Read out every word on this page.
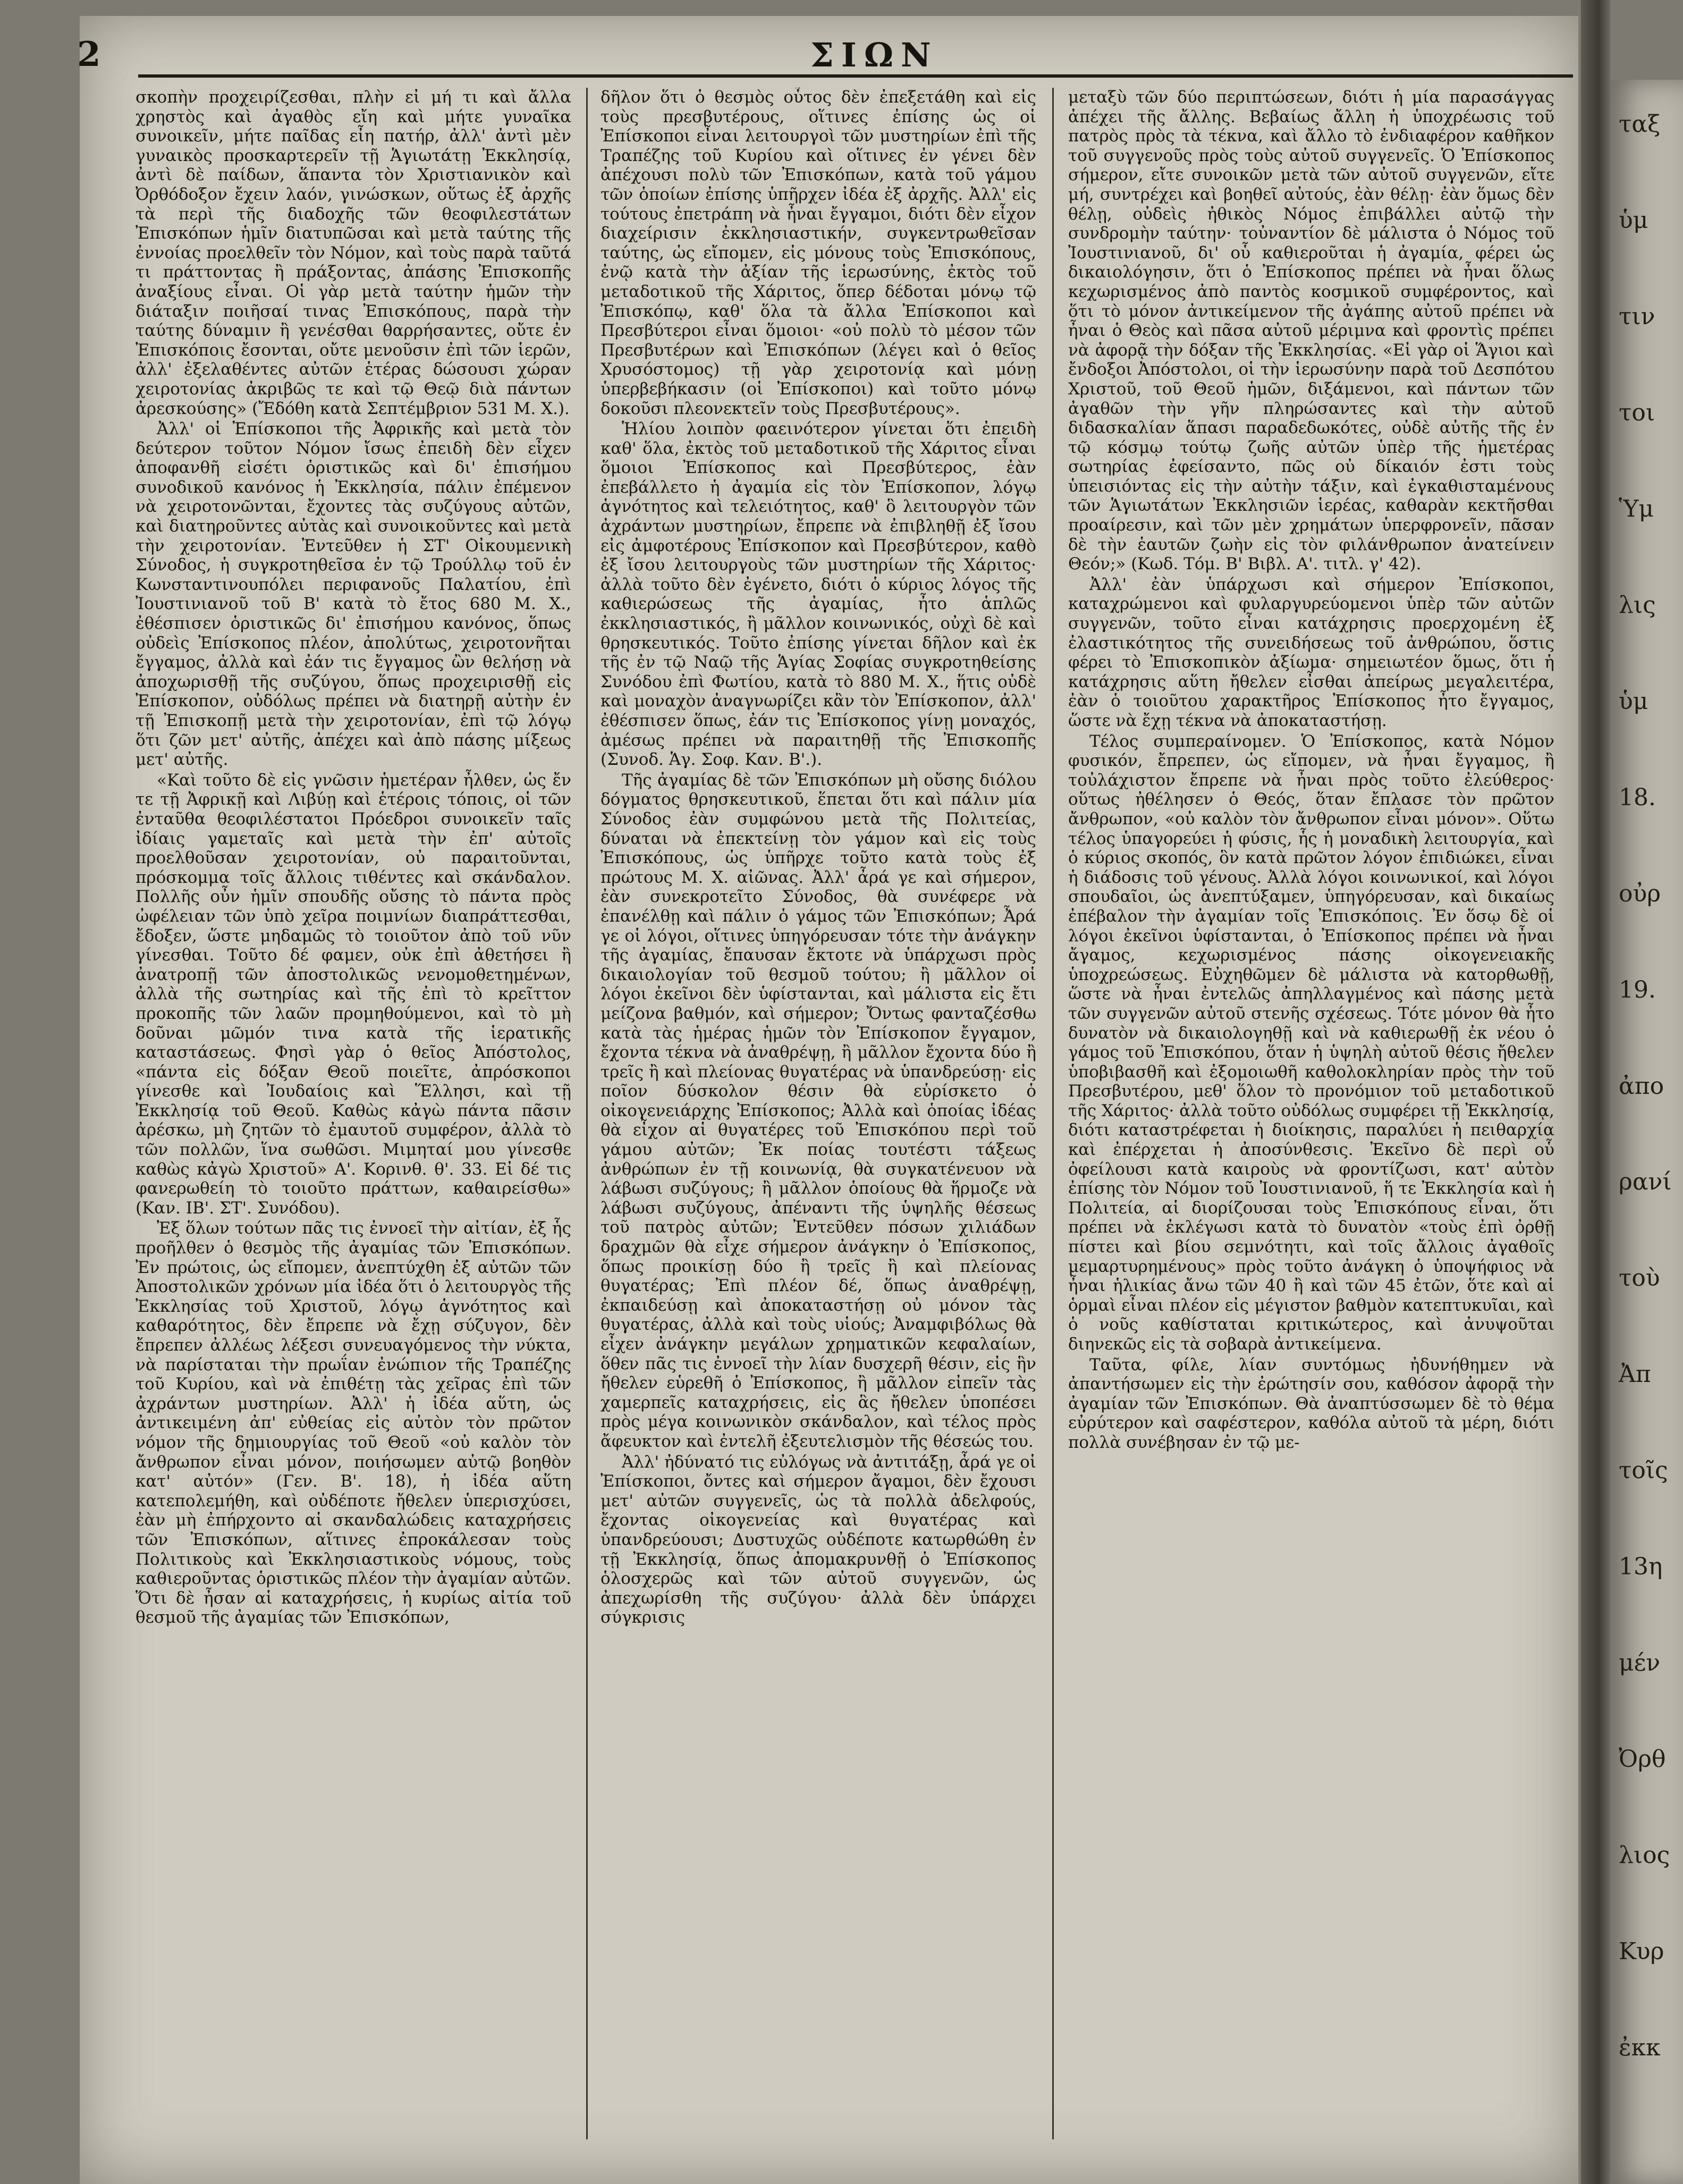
ταξ
ὑμ
τιν
τοι
Ὑμ
λις
ὑμ
18.
οὐρ
19.
ἀπο
ρανί
τοὺ
Ἀπ
τοῖς
13η
μέν
Ὀρθ
λιος
Κυρ
ἐκκ
2	ΣΙΩΝ

σκοπὴν προχειρίζεσθαι, πλὴν εἰ μή τι καὶ ἄλλα χρηστὸς καὶ ἀγαθὸς εἴη καὶ μήτε γυναῖκα συνοικεῖν, μήτε παῖδας εἶη πατήρ, ἀλλ' ἀντὶ μὲν γυναικὸς προσκαρτερεῖν τῇ Ἁγιωτάτῃ Ἐκκλησίᾳ, ἀντὶ δὲ παίδων, ἅπαντα τὸν Χριστιανικὸν καὶ Ὀρθόδοξον ἔχειν λαόν, γινώσκων, οὕτως ἐξ ἀρχῆς τὰ περὶ τῆς διαδοχῆς τῶν θεοφιλεστάτων Ἐπισκόπων ἡμῖν διατυπῶσαι καὶ μετὰ ταύτης τῆς ἐννοίας προελθεῖν τὸν Νόμον, καὶ τοὺς παρὰ ταῦτά τι πράττοντας ἢ πράξοντας, ἀπάσης Ἐπισκοπῆς ἀναξίους εἶναι. Οἱ γὰρ μετὰ ταύτην ἡμῶν τὴν διάταξιν ποιῆσαί τινας Ἐπισκόπους, παρὰ τὴν ταύτης δύναμιν ἢ γενέσθαι θαρρήσαντες, οὔτε ἐν Ἐπισκόποις ἔσονται, οὔτε μενοῦσιν ἐπὶ τῶν ἱερῶν, ἀλλ' ἐξελαθέντες αὐτῶν ἑτέρας δώσουσι χώραν χειροτονίας ἀκριβῶς τε καὶ τῷ Θεῷ διὰ πάντων ἀρεσκούσης» (Ἔδόθη κατὰ Σεπτέμβριον 531 Μ. Χ.).

Ἀλλ' οἱ Ἐπίσκοποι τῆς Ἀφρικῆς καὶ μετὰ τὸν δεύτερον τοῦτον Νόμον ἴσως ἐπειδὴ δὲν εἶχεν ἀποφανθῆ εἰσέτι ὁριστικῶς καὶ δι' ἐπισήμου συνοδικοῦ κανόνος ἡ Ἐκκλησία, πάλιν ἐπέμενον νὰ χειροτονῶνται, ἔχοντες τὰς συζύγους αὐτῶν, καὶ διατηροῦντες αὐτὰς καὶ συνοικοῦντες καὶ μετὰ τὴν χειροτονίαν. Ἐντεῦθεν ἡ ΣΤ' Οἰκουμενικὴ Σύνοδος, ἡ συγκροτηθεῖσα ἐν τῷ Τρούλλῳ τοῦ ἐν Κωνσταντινουπόλει περιφανοῦς Παλατίου, ἐπὶ Ἰουστινιανοῦ τοῦ Β' κατὰ τὸ ἔτος 680 Μ. Χ., ἐθέσπισεν ὁριστικῶς δι' ἐπισήμου κανόνος, ὅπως οὐδεὶς Ἐπίσκοπος πλέον, ἀπολύτως, χειροτονῆται ἔγγαμος, ἀλλὰ καὶ ἐάν τις ἔγγαμος ὢν θελήσῃ νὰ ἀποχωρισθῇ τῆς συζύγου, ὅπως προχειρισθῇ εἰς Ἐπίσκοπον, οὐδόλως πρέπει νὰ διατηρῇ αὐτὴν ἐν τῇ Ἐπισκοπῇ μετὰ τὴν χειροτονίαν, ἐπὶ τῷ λόγῳ ὅτι ζῶν μετ' αὐτῆς, ἀπέχει καὶ ἀπὸ πάσης μίξεως μετ' αὐτῆς.

«Καὶ τοῦτο δὲ εἰς γνῶσιν ἡμετέραν ἦλθεν, ὡς ἔν τε τῇ Ἀφρικῇ καὶ Λιβύῃ καὶ ἑτέροις τόποις, οἱ τῶν ἐνταῦθα θεοφιλέστατοι Πρόεδροι συνοικεῖν ταῖς ἰδίαις γαμεταῖς καὶ μετὰ τὴν ἐπ' αὐτοῖς προελθοῦσαν χειροτονίαν, οὐ παραιτοῦνται, πρόσκομμα τοῖς ἄλλοις τιθέντες καὶ σκάνδαλον. Πολλῆς οὖν ἡμῖν σπουδῆς οὔσης τὸ πάντα πρὸς ὠφέλειαν τῶν ὑπὸ χεῖρα ποιμνίων διαπράττεσθαι, ἔδοξεν, ὥστε μηδαμῶς τὸ τοιοῦτον ἀπὸ τοῦ νῦν γίνεσθαι. Τοῦτο δέ φαμεν, οὐκ ἐπὶ ἀθετήσει ἢ ἀνατροπῇ τῶν ἀποστολικῶς νενομοθετημένων, ἀλλὰ τῆς σωτηρίας καὶ τῆς ἐπὶ τὸ κρεῖττον προκοπῆς τῶν λαῶν προμηθούμενοι, καὶ τὸ μὴ δοῦναι μῶμόν τινα κατὰ τῆς ἱερατικῆς καταστάσεως. Φησὶ γὰρ ὁ θεῖος Ἀπόστολος, «πάντα εἰς δόξαν Θεοῦ ποιεῖτε, ἀπρόσκοποι γίνεσθε καὶ Ἰουδαίοις καὶ Ἕλλησι, καὶ τῇ Ἐκκλησίᾳ τοῦ Θεοῦ. Καθὼς κἀγὼ πάντα πᾶσιν ἀρέσκω, μὴ ζητῶν τὸ ἐμαυτοῦ συμφέρον, ἀλλὰ τὸ τῶν πολλῶν, ἵνα σωθῶσι. Μιμηταί μου γίνεσθε καθὼς κἀγὼ Χριστοῦ» Α'. Κορινθ. θ'. 33. Εἰ δέ τις φανερωθείη τὸ τοιοῦτο πράττων, καθαιρείσθω» (Καν. ΙΒ'. ΣΤ'. Συνόδου).

Ἐξ ὅλων τούτων πᾶς τις ἐννοεῖ τὴν αἰτίαν, ἐξ ἧς προῆλθεν ὁ θεσμὸς τῆς ἀγαμίας τῶν Ἐπισκόπων. Ἐν πρώτοις, ὡς εἴπομεν, ἀνεπτύχθη ἐξ αὐτῶν τῶν Ἀποστολικῶν χρόνων μία ἰδέα ὅτι ὁ λειτουργὸς τῆς Ἐκκλησίας τοῦ Χριστοῦ, λόγῳ ἁγνότητος καὶ καθαρότητος, δὲν ἔπρεπε νὰ ἔχῃ σύζυγον, δὲν ἔπρεπεν ἀλλέως λέξεσι συνευαγόμενος τὴν νύκτα, νὰ παρίσταται τὴν πρωΐαν ἐνώπιον τῆς Τραπέζης τοῦ Κυρίου, καὶ νὰ ἐπιθέτῃ τὰς χεῖρας ἐπὶ τῶν ἀχράντων μυστηρίων. Ἀλλ' ἡ ἰδέα αὕτη, ὡς ἀντικειμένη ἀπ' εὐθείας εἰς αὐτὸν τὸν πρῶτον νόμον τῆς δημιουργίας τοῦ Θεοῦ «οὐ καλὸν τὸν ἄνθρωπον εἶναι μόνον, ποιήσωμεν αὐτῷ βοηθὸν κατ' αὐτόν» (Γεν. Β'. 18), ἡ ἰδέα αὕτη κατεπολεμήθη, καὶ οὐδέποτε ἤθελεν ὑπερισχύσει, ἐὰν μὴ ἐπήρχοντο αἱ σκανδαλώδεις καταχρήσεις τῶν Ἐπισκόπων, αἵτινες ἐπροκάλεσαν τοὺς Πολιτικοὺς καὶ Ἐκκλησιαστικοὺς νόμους, τοὺς καθιεροῦντας ὁριστικῶς πλέον τὴν ἀγαμίαν αὐτῶν. Ὅτι δὲ ἦσαν αἱ καταχρήσεις, ἡ κυρίως αἰτία τοῦ θεσμοῦ τῆς ἀγαμίας τῶν Ἐπισκόπων,

δῆλον ὅτι ὁ θεσμὸς οὗτος δὲν ἐπεξετάθη καὶ εἰς τοὺς πρεσβυτέρους, οἵτινες ἐπίσης ὡς οἱ Ἐπίσκοποι εἶναι λειτουργοὶ τῶν μυστηρίων ἐπὶ τῆς Τραπέζης τοῦ Κυρίου καὶ οἵτινες ἐν γένει δὲν ἀπέχουσι πολὺ τῶν Ἐπισκόπων, κατὰ τοῦ γάμου τῶν ὁποίων ἐπίσης ὑπῆρχεν ἰδέα ἐξ ἀρχῆς. Ἀλλ' εἰς τούτους ἐπετράπη νὰ ἦναι ἔγγαμοι, διότι δὲν εἶχον διαχείρισιν ἐκκλησιαστικήν, συγκεντρωθεῖσαν ταύτης, ὡς εἴπομεν, εἰς μόνους τοὺς Ἐπισκόπους, ἐνῷ κατὰ τὴν ἀξίαν τῆς ἱερωσύνης, ἐκτὸς τοῦ μεταδοτικοῦ τῆς Χάριτος, ὅπερ δέδοται μόνῳ τῷ Ἐπισκόπῳ, καθ' ὅλα τὰ ἄλλα Ἐπίσκοποι καὶ Πρεσβύτεροι εἶναι ὅμοιοι· «οὐ πολὺ τὸ μέσον τῶν Πρεσβυτέρων καὶ Ἐπισκόπων (λέγει καὶ ὁ θεῖος Χρυσόστομος) τῇ γὰρ χειροτονίᾳ καὶ μόνῃ ὑπερβεβήκασιν (οἱ Ἐπίσκοποι) καὶ τοῦτο μόνῳ δοκοῦσι πλεονεκτεῖν τοὺς Πρεσβυτέρους».

Ἡλίου λοιπὸν φαεινότερον γίνεται ὅτι ἐπειδὴ καθ' ὅλα, ἐκτὸς τοῦ μεταδοτικοῦ τῆς Χάριτος εἶναι ὅμοιοι Ἐπίσκοπος καὶ Πρεσβύτερος, ἐὰν ἐπεβάλλετο ἡ ἀγαμία εἰς τὸν Ἐπίσκοπον, λόγῳ ἁγνότητος καὶ τελειότητος, καθ' ὃ λειτουργὸν τῶν ἀχράντων μυστηρίων, ἔπρεπε νὰ ἐπιβληθῇ ἐξ ἴσου εἰς ἀμφοτέρους Ἐπίσκοπον καὶ Πρεσβύτερον, καθὸ ἐξ ἴσου λειτουργοὺς τῶν μυστηρίων τῆς Χάριτος· ἀλλὰ τοῦτο δὲν ἐγένετο, διότι ὁ κύριος λόγος τῆς καθιερώσεως τῆς ἀγαμίας, ἦτο ἁπλῶς ἐκκλησιαστικός, ἢ μᾶλλον κοινωνικός, οὐχὶ δὲ καὶ θρησκευτικός. Τοῦτο ἐπίσης γίνεται δῆλον καὶ ἐκ τῆς ἐν τῷ Ναῷ τῆς Ἁγίας Σοφίας συγκροτηθείσης Συνόδου ἐπὶ Φωτίου, κατὰ τὸ 880 Μ. Χ., ἥτις οὐδὲ καὶ μοναχὸν ἀναγνωρίζει κἂν τὸν Ἐπίσκοπον, ἀλλ' ἐθέσπισεν ὅπως, ἐάν τις Ἐπίσκοπος γίνῃ μοναχός, ἀμέσως πρέπει νὰ παραιτηθῇ τῆς Ἐπισκοπῆς (Συνοδ. Ἁγ. Σοφ. Καν. Β'.).

Τῆς ἀγαμίας δὲ τῶν Ἐπισκόπων μὴ οὔσης διόλου δόγματος θρησκευτικοῦ, ἕπεται ὅτι καὶ πάλιν μία Σύνοδος ἐὰν συμφώνου μετὰ τῆς Πολιτείας, δύναται νὰ ἐπεκτείνῃ τὸν γάμον καὶ εἰς τοὺς Ἐπισκόπους, ὡς ὑπῆρχε τοῦτο κατὰ τοὺς ἐξ πρώτους Μ. Χ. αἰῶνας. Ἀλλ' ἆρά γε καὶ σήμερον, ἐὰν συνεκροτεῖτο Σύνοδος, θὰ συνέφερε νὰ ἐπανέλθῃ καὶ πάλιν ὁ γάμος τῶν Ἐπισκόπων; Ἆρά γε οἱ λόγοι, οἵτινες ὑπηγόρευσαν τότε τὴν ἀνάγκην τῆς ἀγαμίας, ἔπαυσαν ἔκτοτε νὰ ὑπάρχωσι πρὸς δικαιολογίαν τοῦ θεσμοῦ τούτου; ἢ μᾶλλον οἱ λόγοι ἐκεῖνοι δὲν ὑφίστανται, καὶ μάλιστα εἰς ἔτι μείζονα βαθμόν, καὶ σήμερον; Ὄντως φανταζέσθω κατὰ τὰς ἡμέρας ἡμῶν τὸν Ἐπίσκοπον ἔγγαμον, ἔχοντα τέκνα νὰ ἀναθρέψῃ, ἢ μᾶλλον ἔχοντα δύο ἢ τρεῖς ἢ καὶ πλείονας θυγατέρας νὰ ὑπανδρεύσῃ· εἰς ποῖον δύσκολον θέσιν θὰ εὑρίσκετο ὁ οἰκογενειάρχης Ἐπίσκοπος; Ἀλλὰ καὶ ὁποίας ἰδέας θὰ εἶχον αἱ θυγατέρες τοῦ Ἐπισκόπου περὶ τοῦ γάμου αὐτῶν; Ἐκ ποίας τουτέστι τάξεως ἀνθρώπων ἐν τῇ κοινωνίᾳ, θὰ συγκατένευον νὰ λάβωσι συζύγους; ἢ μᾶλλον ὁποίους θὰ ἥρμοζε νὰ λάβωσι συζύγους, ἀπέναντι τῆς ὑψηλῆς θέσεως τοῦ πατρὸς αὐτῶν; Ἐντεῦθεν πόσων χιλιάδων δραχμῶν θὰ εἶχε σήμερον ἀνάγκην ὁ Ἐπίσκοπος, ὅπως προικίσῃ δύο ἢ τρεῖς ἢ καὶ πλείονας θυγατέρας; Ἐπὶ πλέον δέ, ὅπως ἀναθρέψῃ, ἐκπαιδεύσῃ καὶ ἀποκαταστήσῃ οὐ μόνον τὰς θυγατέρας, ἀλλὰ καὶ τοὺς υἱούς; Ἀναμφιβόλως θὰ εἶχεν ἀνάγκην μεγάλων χρηματικῶν κεφαλαίων, ὅθεν πᾶς τις ἐννοεῖ τὴν λίαν δυσχερῆ θέσιν, εἰς ἣν ἤθελεν εὑρεθῆ ὁ Ἐπίσκοπος, ἢ μᾶλλον εἰπεῖν τὰς χαμερπεῖς καταχρήσεις, εἰς ἃς ἤθελεν ὑποπέσει πρὸς μέγα κοινωνικὸν σκάνδαλον, καὶ τέλος πρὸς ἄφευκτον καὶ ἐντελῆ ἐξευτελισμὸν τῆς θέσεώς του.

Ἀλλ' ἠδύνατό τις εὐλόγως νὰ ἀντιτάξῃ, ἆρά γε οἱ Ἐπίσκοποι, ὄντες καὶ σήμερον ἄγαμοι, δὲν ἔχουσι μετ' αὐτῶν συγγενεῖς, ὡς τὰ πολλὰ ἀδελφούς, ἔχοντας οἰκογενείας καὶ θυγατέρας καὶ ὑπανδρεύουσι; Δυστυχῶς οὐδέποτε κατωρθώθη ἐν τῇ Ἐκκλησίᾳ, ὅπως ἀπομακρυνθῇ ὁ Ἐπίσκοπος ὁλοσχερῶς καὶ τῶν αὐτοῦ συγγενῶν, ὡς ἀπεχωρίσθη τῆς συζύγου· ἀλλὰ δὲν ὑπάρχει σύγκρισις

μεταξὺ τῶν δύο περιπτώσεων, διότι ἡ μία παρασάγγας ἀπέχει τῆς ἄλλης. Βεβαίως ἄλλη ἡ ὑποχρέωσις τοῦ πατρὸς πρὸς τὰ τέκνα, καὶ ἄλλο τὸ ἐνδιαφέρον καθῆκον τοῦ συγγενοῦς πρὸς τοὺς αὐτοῦ συγγενεῖς. Ὁ Ἐπίσκοπος σήμερον, εἴτε συνοικῶν μετὰ τῶν αὐτοῦ συγγενῶν, εἴτε μή, συντρέχει καὶ βοηθεῖ αὐτούς, ἐὰν θέλῃ· ἐὰν ὅμως δὲν θέλῃ, οὐδεὶς ἠθικὸς Νόμος ἐπιβάλλει αὐτῷ τὴν συνδρομὴν ταύτην· τοὐναντίον δὲ μάλιστα ὁ Νόμος τοῦ Ἰουστινιανοῦ, δι' οὗ καθιεροῦται ἡ ἀγαμία, φέρει ὡς δικαιολόγησιν, ὅτι ὁ Ἐπίσκοπος πρέπει νὰ ἦναι ὅλως κεχωρισμένος ἀπὸ παντὸς κοσμικοῦ συμφέροντος, καὶ ὅτι τὸ μόνον ἀντικείμενον τῆς ἀγάπης αὐτοῦ πρέπει νὰ ἦναι ὁ Θεὸς καὶ πᾶσα αὐτοῦ μέριμνα καὶ φροντὶς πρέπει νὰ ἀφορᾷ τὴν δόξαν τῆς Ἐκκλησίας. «Εἰ γὰρ οἱ Ἅγιοι καὶ ἔνδοξοι Ἀπόστολοι, οἱ τὴν ἱερωσύνην παρὰ τοῦ Δεσπότου Χριστοῦ, τοῦ Θεοῦ ἡμῶν, διξάμενοι, καὶ πάντων τῶν ἀγαθῶν τὴν γῆν πληρώσαντες καὶ τὴν αὐτοῦ διδασκαλίαν ἅπασι παραδεδωκότες, οὐδὲ αὐτῆς τῆς ἐν τῷ κόσμῳ τούτῳ ζωῆς αὐτῶν ὑπὲρ τῆς ἡμετέρας σωτηρίας ἐφείσαντο, πῶς οὐ δίκαιόν ἐστι τοὺς ὑπεισιόντας εἰς τὴν αὐτὴν τάξιν, καὶ ἐγκαθισταμένους τῶν Ἁγιωτάτων Ἐκκλησιῶν ἱερέας, καθαρὰν κεκτῆσθαι προαίρεσιν, καὶ τῶν μὲν χρημάτων ὑπερφρονεῖν, πᾶσαν δὲ τὴν ἑαυτῶν ζωὴν εἰς τὸν φιλάνθρωπον ἀνατείνειν Θεόν;» (Κωδ. Τόμ. Β' Βιβλ. Α'. τιτλ. γ' 42).

Ἀλλ' ἐὰν ὑπάρχωσι καὶ σήμερον Ἐπίσκοποι, καταχρώμενοι καὶ φυλαργυρεύομενοι ὑπὲρ τῶν αὐτῶν συγγενῶν, τοῦτο εἶναι κατάχρησις προερχομένη ἐξ ἐλαστικότητος τῆς συνειδήσεως τοῦ ἀνθρώπου, ὅστις φέρει τὸ Ἐπισκοπικὸν ἀξίωμα· σημειωτέον ὅμως, ὅτι ἡ κατάχρησις αὕτη ἤθελεν εἶσθαι ἀπείρως μεγαλειτέρα, ἐὰν ὁ τοιοῦτου χαρακτῆρος Ἐπίσκοπος ἦτο ἔγγαμος, ὥστε νὰ ἔχῃ τέκνα νὰ ἀποκαταστήσῃ.

Τέλος συμπεραίνομεν. Ὁ Ἐπίσκοπος, κατὰ Νόμον φυσικόν, ἔπρεπεν, ὡς εἴπομεν, νὰ ἦναι ἔγγαμος, ἢ τοὐλάχιστον ἔπρεπε νὰ ἦναι πρὸς τοῦτο ἐλεύθερος· οὕτως ἠθέλησεν ὁ Θεός, ὅταν ἔπλασε τὸν πρῶτον ἄνθρωπον, «οὐ καλὸν τὸν ἄνθρωπον εἶναι μόνον». Οὕτω τέλος ὑπαγορεύει ἡ φύσις, ἧς ἡ μοναδικὴ λειτουργία, καὶ ὁ κύριος σκοπός, ὃν κατὰ πρῶτον λόγον ἐπιδιώκει, εἶναι ἡ διάδοσις τοῦ γένους. Ἀλλὰ λόγοι κοινωνικοί, καὶ λόγοι σπουδαῖοι, ὡς ἀνεπτύξαμεν, ὑπηγόρευσαν, καὶ δικαίως ἐπέβαλον τὴν ἀγαμίαν τοῖς Ἐπισκόποις. Ἐν ὅσῳ δὲ οἱ λόγοι ἐκεῖνοι ὑφίστανται, ὁ Ἐπίσκοπος πρέπει νὰ ἦναι ἄγαμος, κεχωρισμένος πάσης οἰκογενειακῆς ὑποχρεώσεως. Εὐχηθῶμεν δὲ μάλιστα νὰ κατορθωθῇ, ὥστε νὰ ἦναι ἐντελῶς ἀπηλλαγμένος καὶ πάσης μετὰ τῶν συγγενῶν αὐτοῦ στενῆς σχέσεως. Τότε μόνον θὰ ἦτο δυνατὸν νὰ δικαιολογηθῇ καὶ νὰ καθιερωθῇ ἐκ νέου ὁ γάμος τοῦ Ἐπισκόπου, ὅταν ἡ ὑψηλὴ αὐτοῦ θέσις ἤθελεν ὑποβιβασθῆ καὶ ἐξομοιωθῆ καθολοκληρίαν πρὸς τὴν τοῦ Πρεσβυτέρου, μεθ' ὅλον τὸ προνόμιον τοῦ μεταδοτικοῦ τῆς Χάριτος· ἀλλὰ τοῦτο οὐδόλως συμφέρει τῇ Ἐκκλησίᾳ, διότι καταστρέφεται ἡ διοίκησις, παραλύει ἡ πειθαρχία καὶ ἐπέρχεται ἡ ἀποσύνθεσις. Ἐκεῖνο δὲ περὶ οὗ ὀφείλουσι κατὰ καιροὺς νὰ φροντίζωσι, κατ' αὐτὸν ἐπίσης τὸν Νόμον τοῦ Ἰουστινιανοῦ, ἥ τε Ἐκκλησία καὶ ἡ Πολιτεία, αἱ διορίζουσαι τοὺς Ἐπισκόπους εἶναι, ὅτι πρέπει νὰ ἐκλέγωσι κατὰ τὸ δυνατὸν «τοὺς ἐπὶ ὀρθῇ πίστει καὶ βίου σεμνότητι, καὶ τοῖς ἄλλοις ἀγαθοῖς μεμαρτυρημένους» πρὸς τοῦτο ἀνάγκη ὁ ὑποψήφιος νὰ ἦναι ἡλικίας ἄνω τῶν 40 ἢ καὶ τῶν 45 ἐτῶν, ὅτε καὶ αἱ ὁρμαὶ εἶναι πλέον εἰς μέγιστον βαθμὸν κατεπτυκυῖαι, καὶ ὁ νοῦς καθίσταται κριτικώτερος, καὶ ἀνυψοῦται διηνεκῶς εἰς τὰ σοβαρὰ ἀντικείμενα.

Ταῦτα, φίλε, λίαν συντόμως ἠδυνήθημεν νὰ ἀπαντήσωμεν εἰς τὴν ἐρώτησίν σου, καθόσον ἀφορᾷ τὴν ἀγαμίαν τῶν Ἐπισκόπων. Θὰ ἀναπτύσσωμεν δὲ τὸ θέμα εὐρύτερον καὶ σαφέστερον, καθόλα αὐτοῦ τὰ μέρη, διότι πολλὰ συνέβησαν ἐν τῷ με-
